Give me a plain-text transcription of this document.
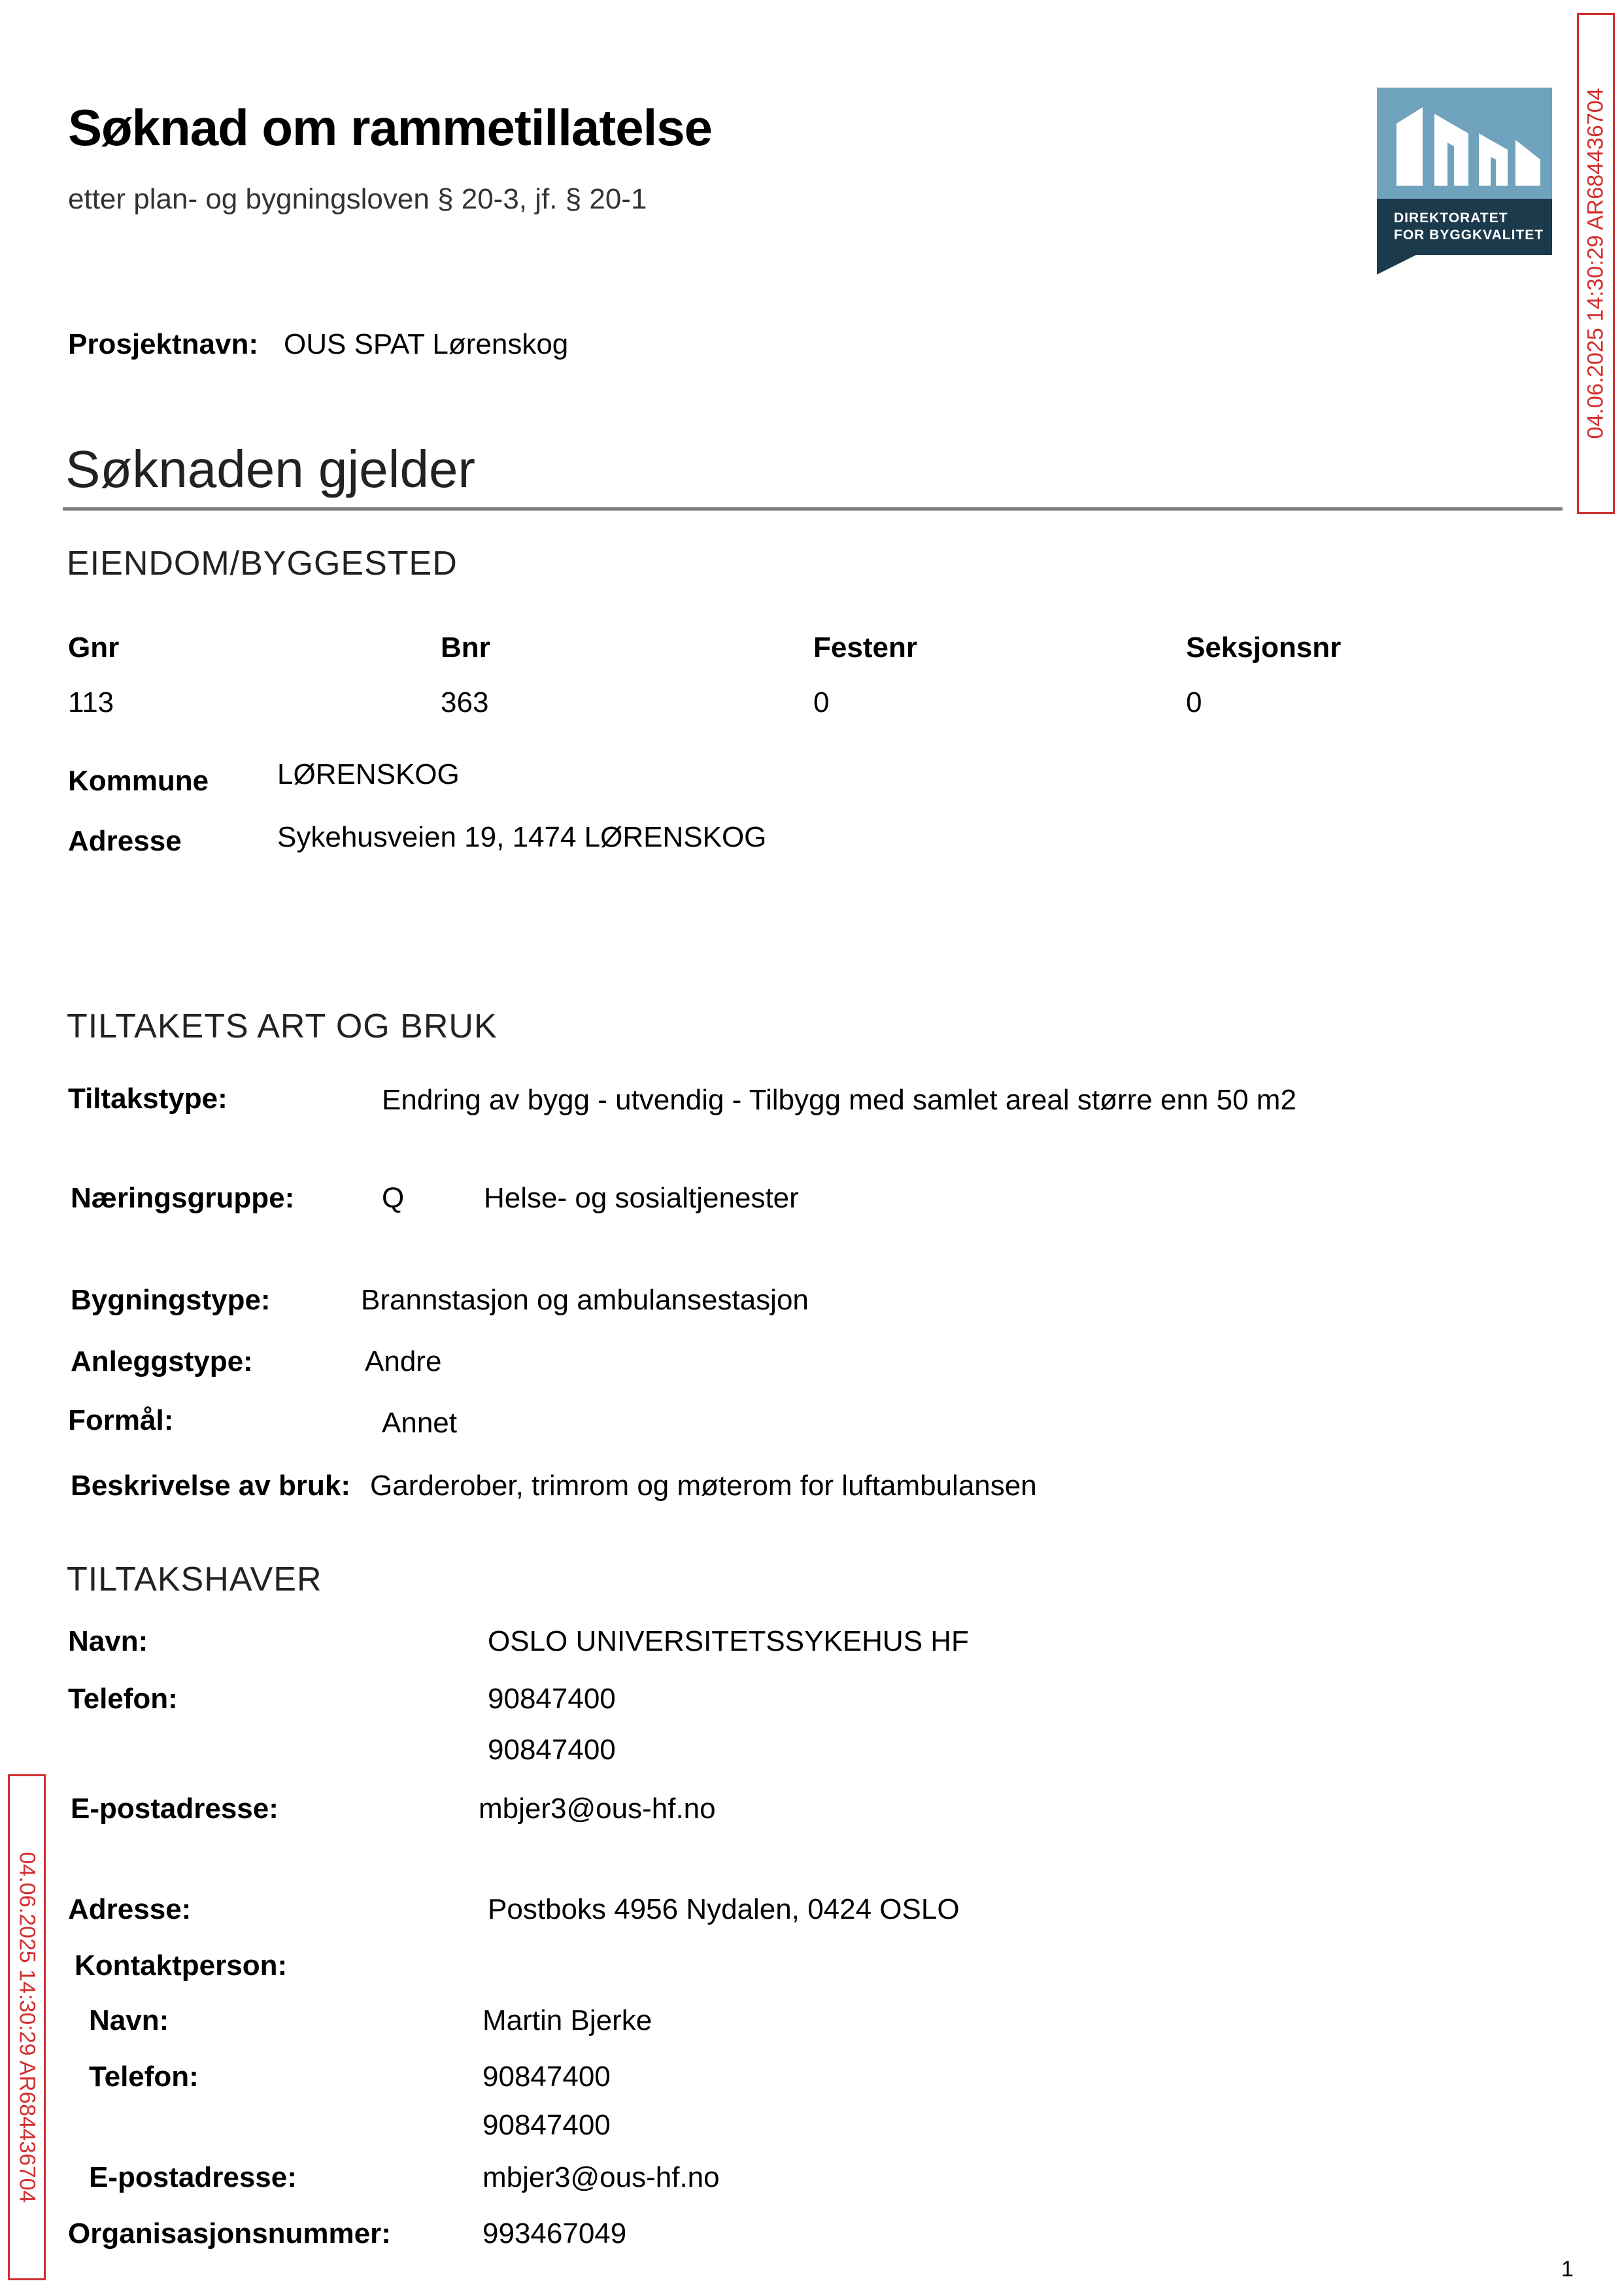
Søknad om rammetillatelse
etter plan- og bygningsloven § 20-3, jf. § 20-1
DIREKTORATET
FOR BYGGKVALITET
Prosjektnavn: OUS SPAT Lørenskog
Søknaden gjelder
EIENDOM/BYGGESTED
Gnr	Bnr	Festenr	Seksjonsnr
113	363	0	0
Kommune LØRENSKOG
Adresse	Sykehusveien 19, 1474 LØRENSKOG
TILTAKETS ART OG BRUK
Tiltakstype:	Endring av bygg - utvendig - Tilbygg med samlet areal større enn 50 m2
Næringsgruppe:	Q	Helse- og sosialtjenester
Bygningstype:	Brannstasjon og ambulansestasjon
Anleggstype:	Andre
Formål:	Annet
Beskrivelse av bruk: Garderober, trimrom og møterom for luftambulansen
TILTAKSHAVER
Navn:	OSLO UNIVERSITETSSYKEHUS HF
Telefon:	90847400
90847400
E-postadresse:	mbjer3@ous-hf.no
Adresse:	Postboks 4956 Nydalen, 0424 OSLO
Kontaktperson:
Navn:	Martin Bjerke
Telefon:	90847400
90847400
E-postadresse:	mbjer3@ous-hf.no
Organisasjonsnummer:	993467049
04.06.2025 14:30:29 AR684436704
04.06.2025 14:30:29 AR684436704
1
